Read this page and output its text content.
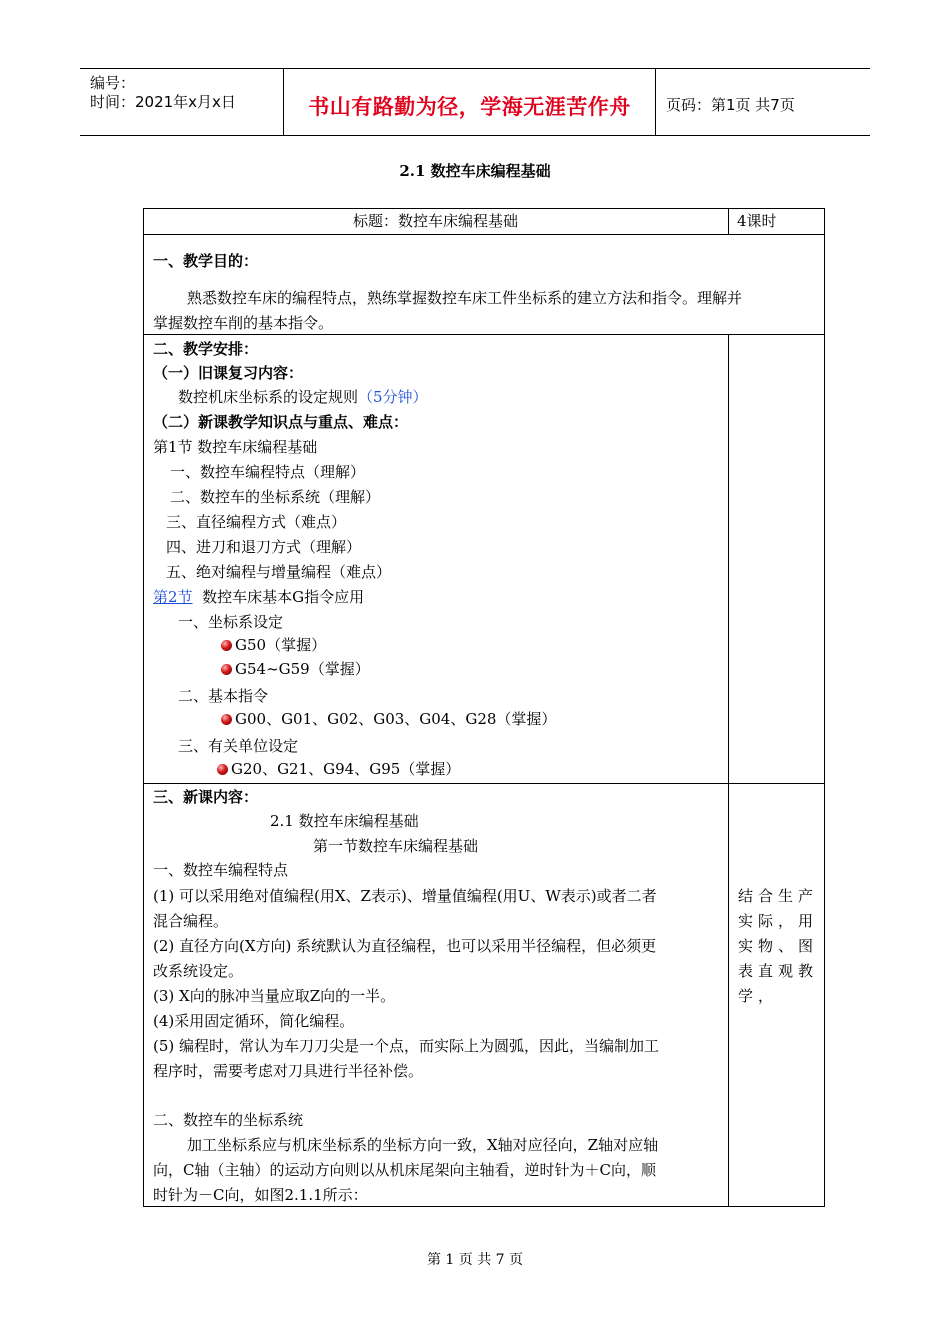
编号：
时间：2021年x月x日	书山有路勤为径，学海无涯苦作舟	页码：第1页 共7页
2.1 数控车床编程基础
标题：数控车床编程基础	4课时
一、教学目的：
熟悉数控车床的编程特点，熟练掌握数控车床工件坐标系的建立方法和指令。理解并
掌握数控车削的基本指令。
二、教学安排：
（一）旧课复习内容：
数控机床坐标系的设定规则（5分钟）
（二）新课教学知识点与重点、难点：
第1节 数控车床编程基础
一、数控车编程特点（理解）
二、数控车的坐标系统（理解）
三、直径编程方式（难点）
四、进刀和退刀方式（理解）
五、绝对编程与增量编程（难点）
第2节 数控车床基本G指令应用
一、坐标系设定
G50（掌握）
G54~G59（掌握）
二、基本指令
G00、G01、G02、G03、G04、G28（掌握）
三、有关单位设定
G20、G21、G94、G95（掌握）
三、新课内容：
2.1 数控车床编程基础
第一节数控车床编程基础
一、数控车编程特点
(1) 可以采用绝对值编程(用X、Z表示)、增量值编程(用U、W表示)或者二者
混合编程。
(2) 直径方向(X方向) 系统默认为直径编程，也可以采用半径编程，但必须更
改系统设定。
(3) X向的脉冲当量应取Z向的一半。
(4)采用固定循环，简化编程。
(5) 编程时，常认为车刀刀尖是一个点，而实际上为圆弧，因此，当编制加工
程序时，需要考虑对刀具进行半径补偿。
二、数控车的坐标系统
加工坐标系应与机床坐标系的坐标方向一致，X轴对应径向，Z轴对应轴
向，C轴（主轴）的运动方向则以从机床尾架向主轴看，逆时针为＋C向，顺
时针为－C向，如图2.1.1所示：
结合生产实际，用实物、图表直观教学，
第 1 页 共 7 页
